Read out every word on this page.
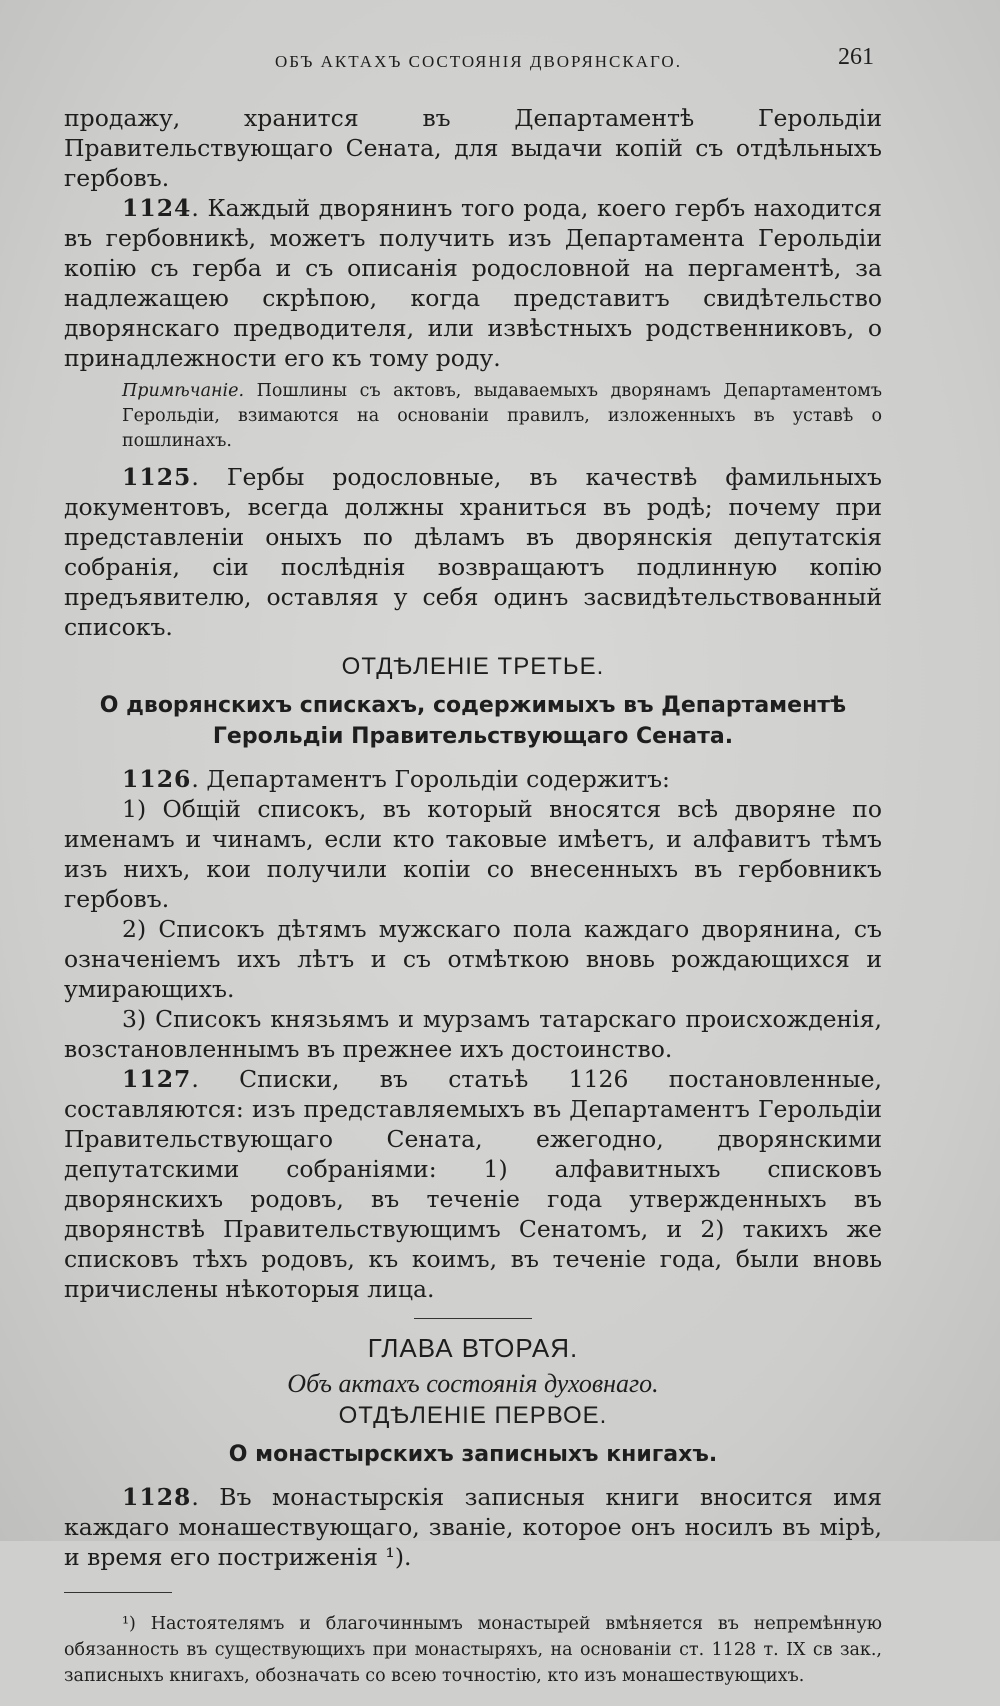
ОБЪ АКТАХЪ СОСТОЯНІЯ ДВОРЯНСКАГО.	261

продажу, хранится въ Департаментѣ Герольдіи Правительствующаго Сената, для выдачи копій съ отдѣльныхъ гербовъ.

1124. Каждый дворянинъ того рода, коего гербъ находится въ гербовникѣ, можетъ получить изъ Департамента Герольдіи копію съ герба и съ описанія родословной на пергаментѣ, за надлежащею скрѣпою, когда представитъ свидѣтельство дворянскаго предводителя, или извѣстныхъ родственниковъ, о принадлежности его къ тому роду.

Примѣчаніе. Пошлины съ актовъ, выдаваемыхъ дворянамъ Департаментомъ Герольдіи, взимаются на основаніи правилъ, изложенныхъ въ уставѣ о пошлинахъ.

1125. Гербы родословные, въ качествѣ фамильныхъ документовъ, всегда должны храниться въ родѣ; почему при представленіи оныхъ по дѣламъ въ дворянскія депутатскія собранія, сіи послѣднія возвращаютъ подлинную копію предъявителю, оставляя у себя одинъ засвидѣтельствованный списокъ.

ОТДѢЛЕНІЕ ТРЕТЬЕ.
О дворянскихъ спискахъ, содержимыхъ въ Департаментѣ Герольдіи Правительствующаго Сената.

1126. Департаментъ Горольдіи содержитъ:

1) Общій списокъ, въ который вносятся всѣ дворяне по именамъ и чинамъ, если кто таковые имѣетъ, и алфавитъ тѣмъ изъ нихъ, кои получили копіи со внесенныхъ въ гербовникъ гербовъ.

2) Списокъ дѣтямъ мужскаго пола каждаго дворянина, съ означеніемъ ихъ лѣтъ и съ отмѣткою вновь рождающихся и умирающихъ.

3) Списокъ князьямъ и мурзамъ татарскаго происхожденія, возстановленнымъ въ прежнее ихъ достоинство.

1127. Списки, въ статьѣ 1126 постановленные, составляются: изъ представляемыхъ въ Департаментъ Герольдіи Правительствующаго Сената, ежегодно, дворянскими депутатскими собраніями: 1) алфавитныхъ списковъ дворянскихъ родовъ, въ теченіе года утвержденныхъ въ дворянствѣ Правительствующимъ Сенатомъ, и 2) такихъ же списковъ тѣхъ родовъ, къ коимъ, въ теченіе года, были вновь причислены нѣкоторыя лица.

ГЛАВА ВТОРАЯ.
Объ актахъ состоянія духовнаго.
ОТДѢЛЕНІЕ ПЕРВОЕ.
О монастырскихъ записныхъ книгахъ.

1128. Въ монастырскія записныя книги вносится имя каждаго монашествующаго, званіе, которое онъ носилъ въ мірѣ, и время его постриженія ¹).

¹) Настоятелямъ и благочиннымъ монастырей вмѣняется въ непремѣнную обязанность въ существующихъ при монастыряхъ, на основаніи ст. 1128 т. IX св зак., записныхъ книгахъ, обозначать со всею точностію, кто изъ монашествующихъ.
